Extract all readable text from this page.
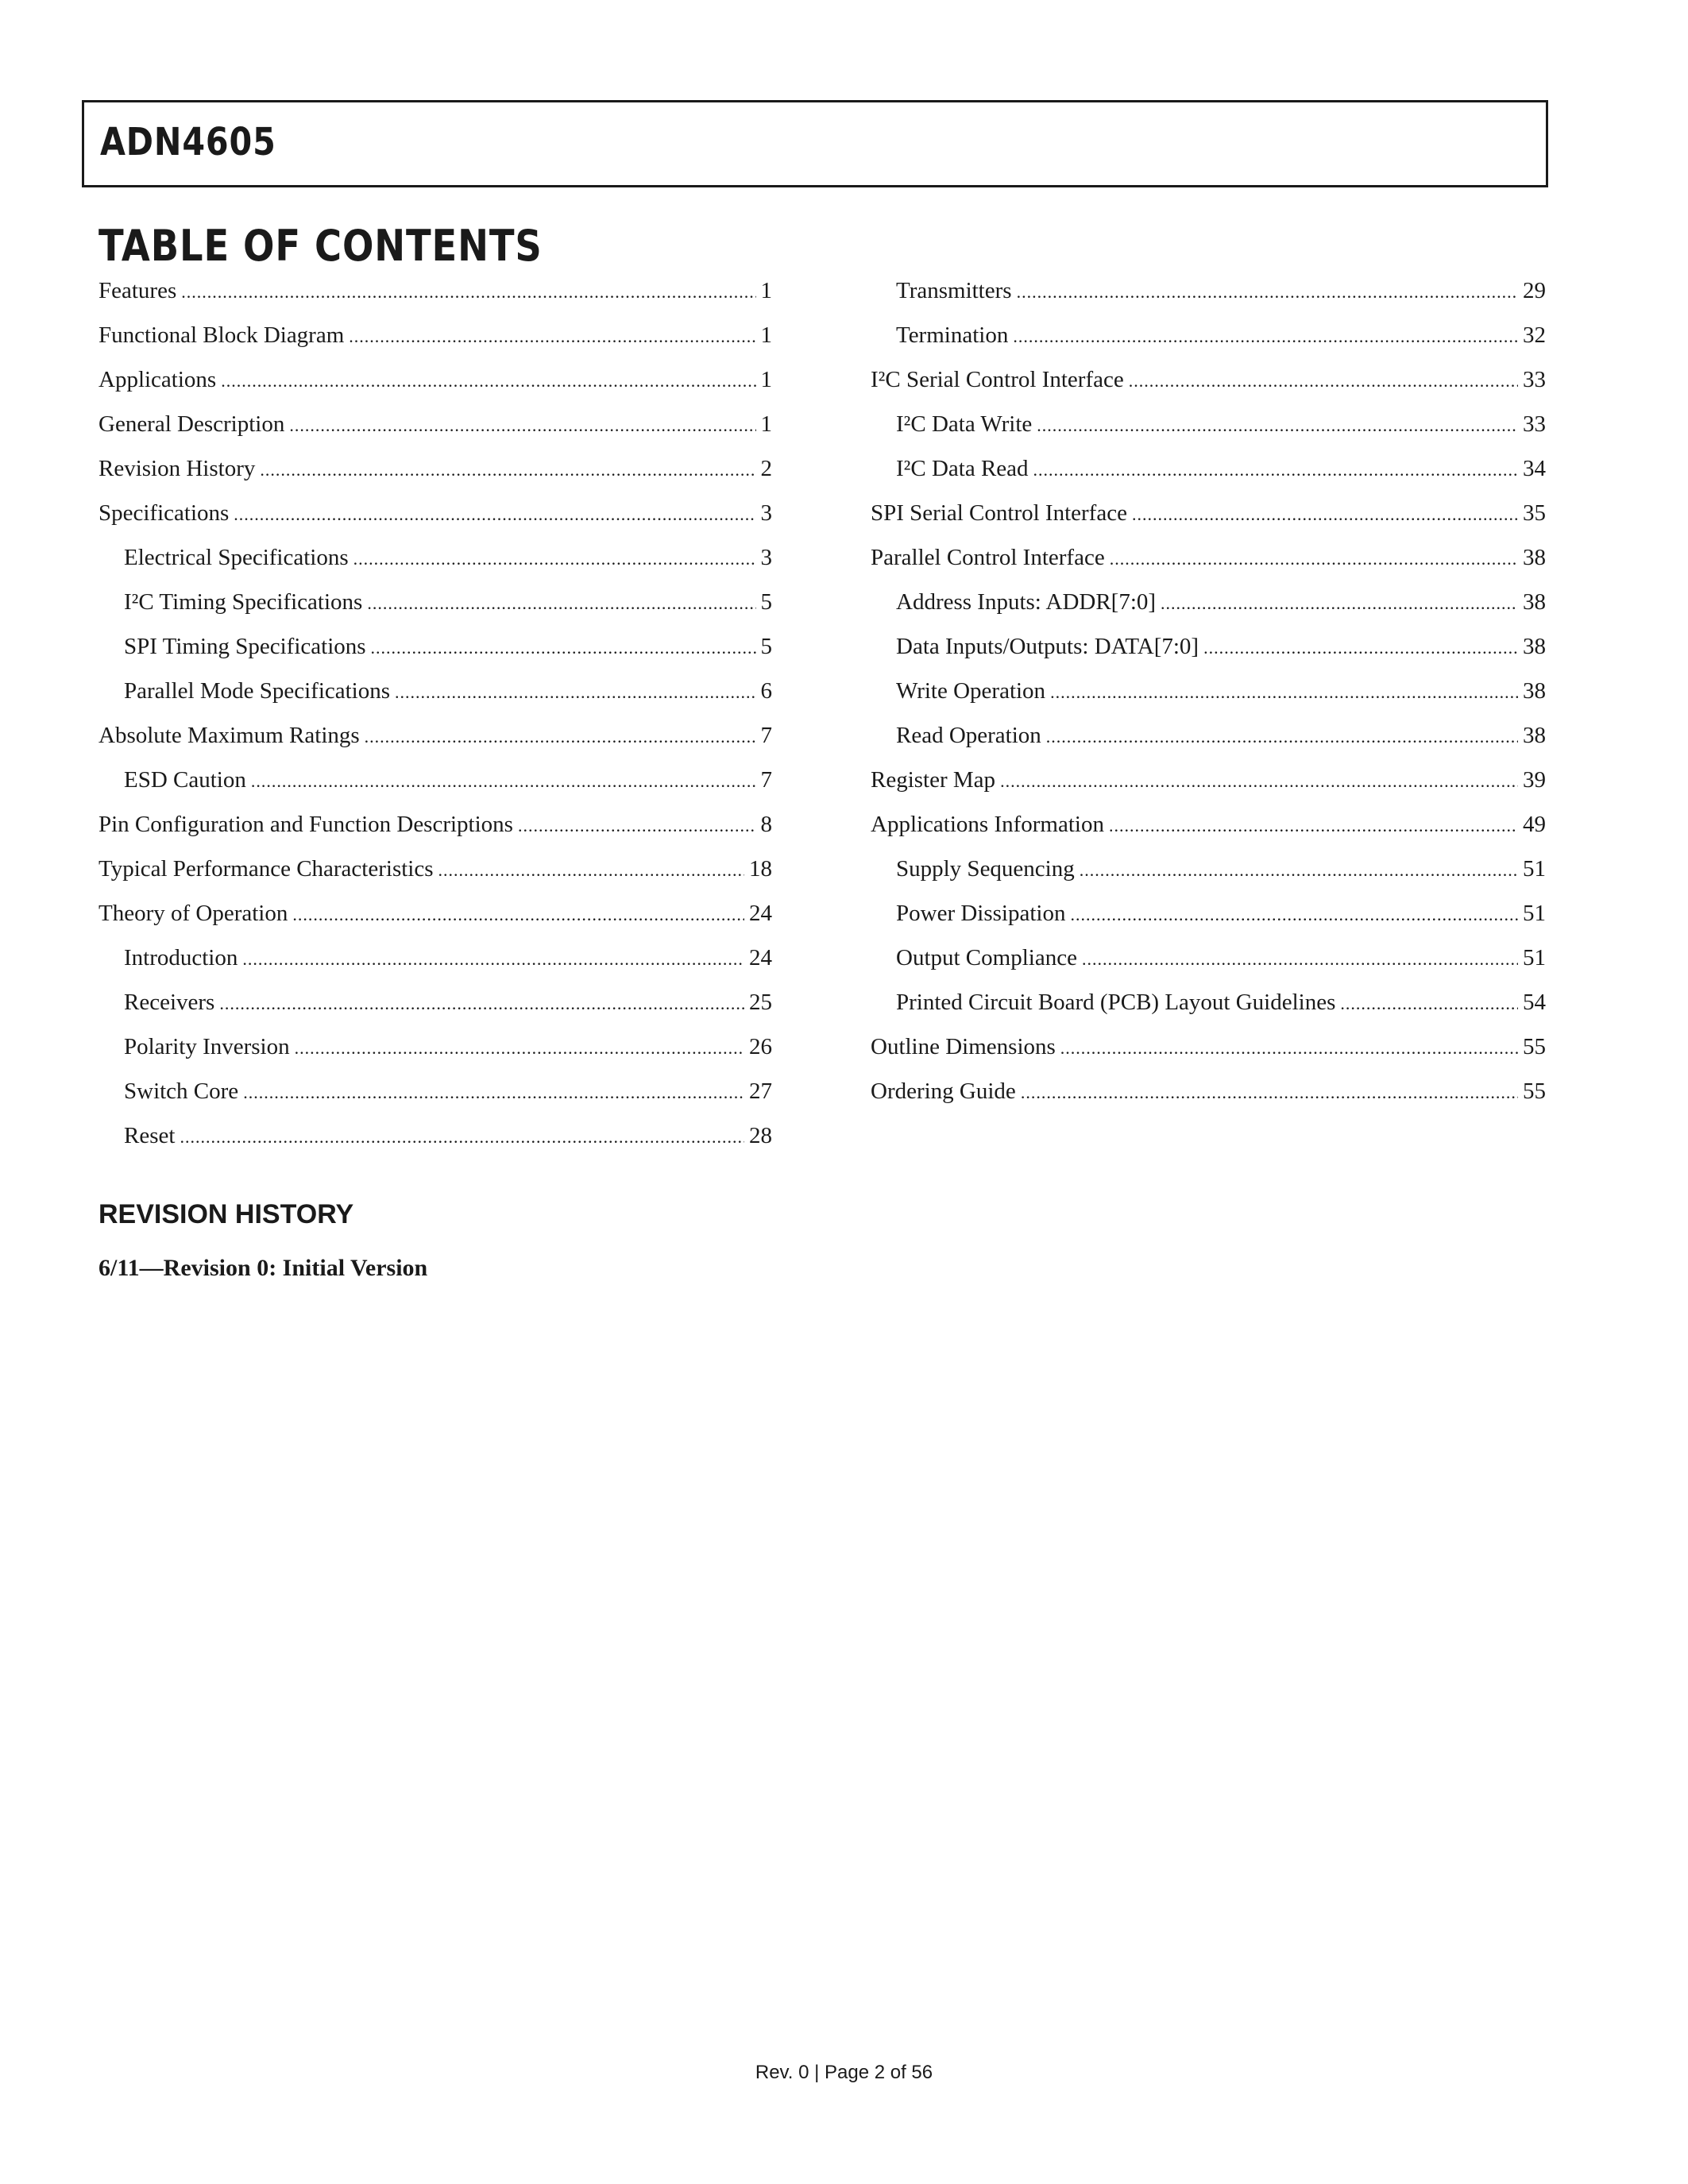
ADN4605
TABLE OF CONTENTS
Features .....	1
Functional Block Diagram .....	1
Applications .....	1
General Description .....	1
Revision History .....	2
Specifications .....	3
Electrical Specifications .....	3
I²C Timing Specifications .....	5
SPI Timing Specifications .....	5
Parallel Mode Specifications .....	6
Absolute Maximum Ratings .....	7
ESD Caution .....	7
Pin Configuration and Function Descriptions .....	8
Typical Performance Characteristics .....	18
Theory of Operation .....	24
Introduction .....	24
Receivers .....	25
Polarity Inversion .....	26
Switch Core .....	27
Reset .....	28
Transmitters .....	29
Termination .....	32
I²C Serial Control Interface .....	33
I²C Data Write .....	33
I²C Data Read .....	34
SPI Serial Control Interface .....	35
Parallel Control Interface .....	38
Address Inputs: ADDR[7:0] .....	38
Data Inputs/Outputs: DATA[7:0] .....	38
Write Operation .....	38
Read Operation .....	38
Register Map .....	39
Applications Information .....	49
Supply Sequencing .....	51
Power Dissipation .....	51
Output Compliance .....	51
Printed Circuit Board (PCB) Layout Guidelines .....	54
Outline Dimensions .....	55
Ordering Guide .....	55
REVISION HISTORY

6/11—Revision 0: Initial Version

Rev. 0 | Page 2 of 56
